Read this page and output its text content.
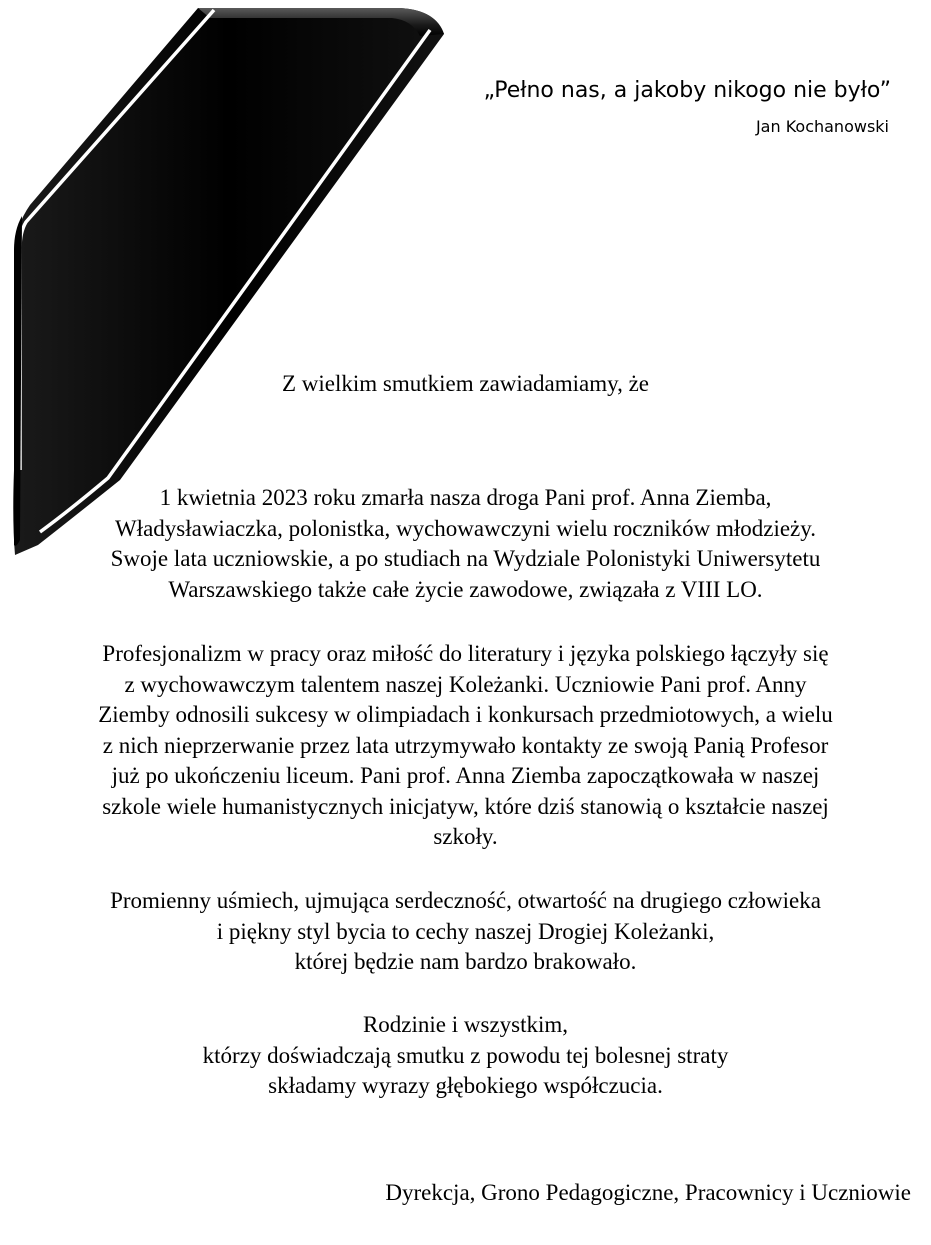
„Pełno nas, a jakoby nikogo nie było”

Jan Kochanowski

Z wielkim smutkiem zawiadamiamy, że

1 kwietnia 2023 roku zmarła nasza droga Pani prof. Anna Ziemba,
Władysławiaczka, polonistka, wychowawczyni wielu roczników młodzieży.
Swoje lata uczniowskie, a po studiach na Wydziale Polonistyki Uniwersytetu
Warszawskiego także całe życie zawodowe, związała z VIII LO.
Profesjonalizm w pracy oraz miłość do literatury i języka polskiego łączyły się
z wychowawczym talentem naszej Koleżanki. Uczniowie Pani prof. Anny
Ziemby odnosili sukcesy w olimpiadach i konkursach przedmiotowych, a wielu
z nich nieprzerwanie przez lata utrzymywało kontakty ze swoją Panią Profesor
już po ukończeniu liceum. Pani prof. Anna Ziemba zapoczątkowała w naszej
szkole wiele humanistycznych inicjatyw, które dziś stanowią o kształcie naszej
szkoły.
Promienny uśmiech, ujmująca serdeczność, otwartość na drugiego człowieka
i piękny styl bycia to cechy naszej Drogiej Koleżanki,
której będzie nam bardzo brakowało.
Rodzinie i wszystkim,
którzy doświadczają smutku z powodu tej bolesnej straty
składamy wyrazy głębokiego współczucia.

Dyrekcja, Grono Pedagogiczne, Pracownicy i Uczniowie
